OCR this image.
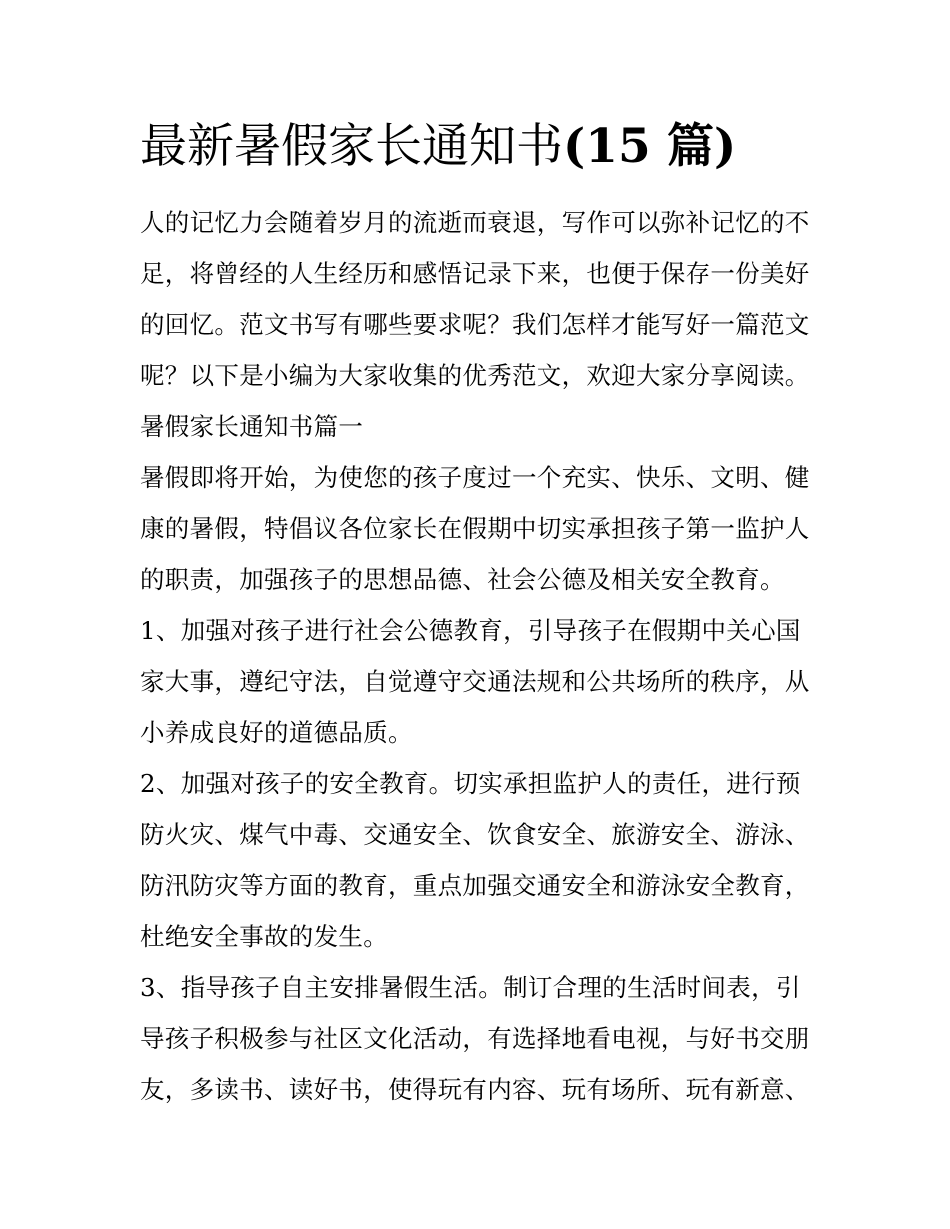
最新暑假家长通知书(15 篇)

人的记忆力会随着岁月的流逝而衰退，写作可以弥补记忆的不

足，将曾经的人生经历和感悟记录下来，也便于保存一份美好

的回忆。范文书写有哪些要求呢？我们怎样才能写好一篇范文

呢？以下是小编为大家收集的优秀范文，欢迎大家分享阅读。

暑假家长通知书篇一

暑假即将开始，为使您的孩子度过一个充实、快乐、文明、健

康的暑假，特倡议各位家长在假期中切实承担孩子第一监护人

的职责，加强孩子的思想品德、社会公德及相关安全教育。

1、加强对孩子进行社会公德教育，引导孩子在假期中关心国

家大事，遵纪守法，自觉遵守交通法规和公共场所的秩序，从

小养成良好的道德品质。

2、加强对孩子的安全教育。切实承担监护人的责任，进行预

防火灾、煤气中毒、交通安全、饮食安全、旅游安全、游泳、

防汛防灾等方面的教育，重点加强交通安全和游泳安全教育，

杜绝安全事故的发生。

3、指导孩子自主安排暑假生活。制订合理的生活时间表，引

导孩子积极参与社区文化活动，有选择地看电视，与好书交朋

友，多读书、读好书，使得玩有内容、玩有场所、玩有新意、
